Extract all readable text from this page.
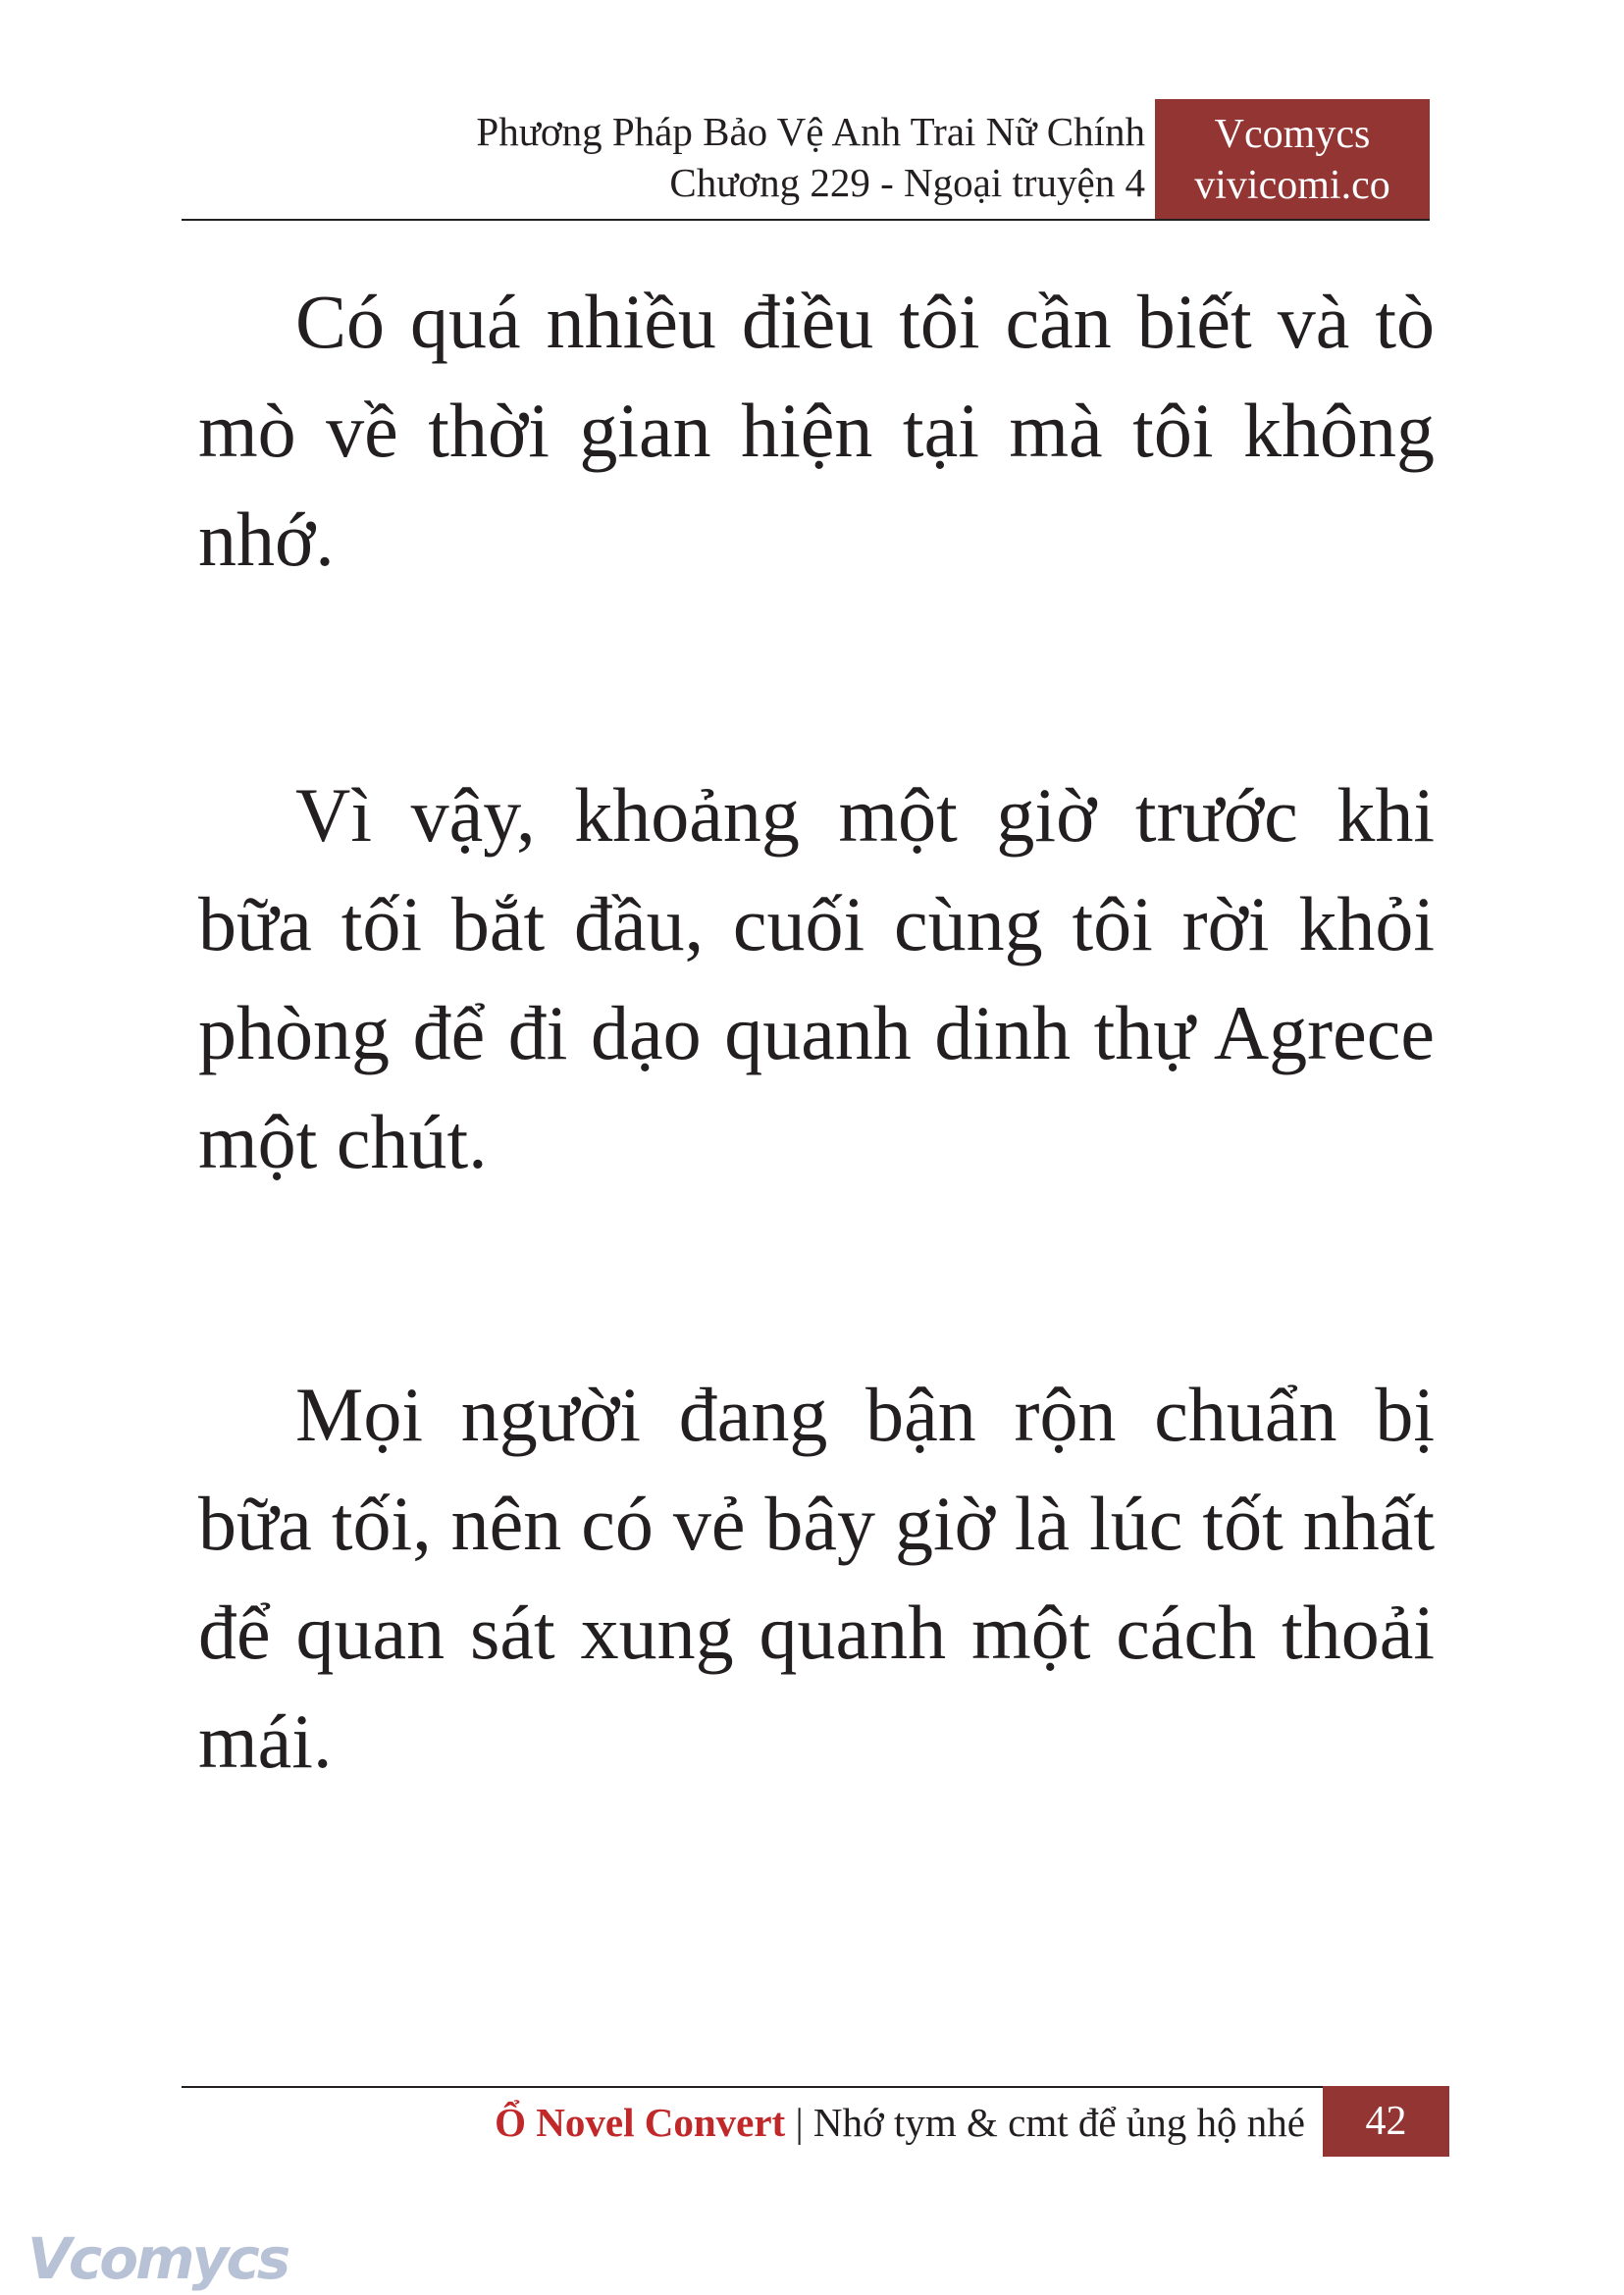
Phương Pháp Bảo Vệ Anh Trai Nữ Chính
Chương 229 - Ngoại truyện 4
Vcomycs
vivicomi.co

Có quá nhiều điều tôi cần biết và tò mò về thời gian hiện tại mà tôi không nhớ.

Vì vậy, khoảng một giờ trước khi bữa tối bắt đầu, cuối cùng tôi rời khỏi phòng để đi dạo quanh dinh thự Agrece một chút.

Mọi người đang bận rộn chuẩn bị bữa tối, nên có vẻ bây giờ là lúc tốt nhất để quan sát xung quanh một cách thoải mái.

Ổ Novel Convert | Nhớ tym & cmt để ủng hộ nhé	42
Vcomycs
